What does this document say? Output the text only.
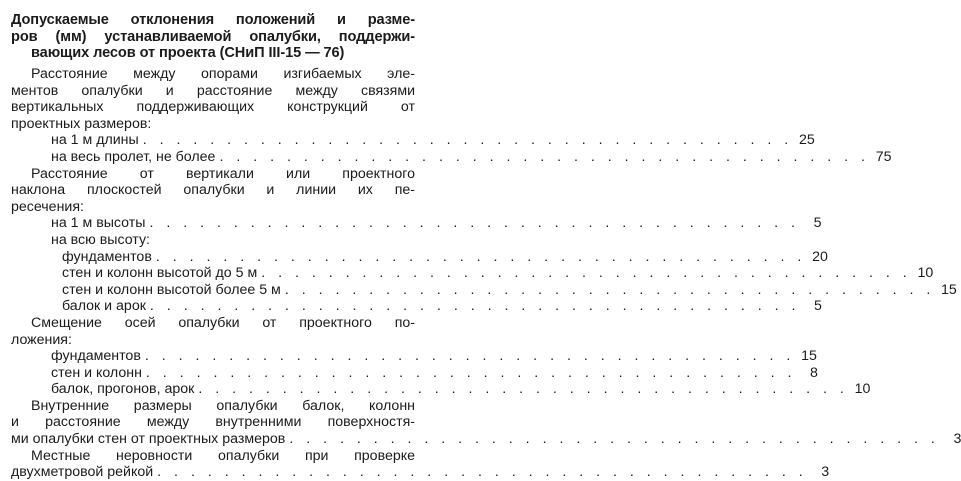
Допускаемые отклонения положений и разме-
ров (мм) устанавливаемой опалубки, поддержи-
вающих лесов от проекта (СНиП III-15 — 76)
Расстояние между опорами изгибаемых эле-
ментов опалубки и расстояние между связями
вертикальных поддерживающих конструкций от
проектных размеров:
на 1 м длины . . . . . . . . . . . . . . . . . . . . . . . . . . . . . . . . . . . . . . . 25
на весь пролет, не более . . . . . . . . . . . . . . . . . . . . . . . . . . . . . . . . . . . . . . . 75
Расстояние от вертикали или проектного
наклона плоскостей опалубки и линии их пе-
ресечения:
на 1 м высоты . . . . . . . . . . . . . . . . . . . . . . . . . . . . . . . . . . . . . . . 5
на всю высоту:
фундаментов . . . . . . . . . . . . . . . . . . . . . . . . . . . . . . . . . . . . . . . 20
стен и колонн высотой до 5 м . . . . . . . . . . . . . . . . . . . . . . . . . . . . . . . . . . . . . . . 10
стен и колонн высотой более 5 м . . . . . . . . . . . . . . . . . . . . . . . . . . . . . . . . . . . . . . . 15
балок и арок . . . . . . . . . . . . . . . . . . . . . . . . . . . . . . . . . . . . . . . 5
Смещение осей опалубки от проектного по-
ложения:
фундаментов . . . . . . . . . . . . . . . . . . . . . . . . . . . . . . . . . . . . . . . 15
стен и колонн . . . . . . . . . . . . . . . . . . . . . . . . . . . . . . . . . . . . . . . 8
балок, прогонов, арок . . . . . . . . . . . . . . . . . . . . . . . . . . . . . . . . . . . . . . . 10
Внутренние размеры опалубки балок, колонн
и расстояние между внутренними поверхностя-
ми опалубки стен от проектных размеров . . . . . . . . . . . . . . . . . . . . . . . . . . . . . . . . . . . . . . . 3
Местные неровности опалубки при проверке
двухметровой рейкой . . . . . . . . . . . . . . . . . . . . . . . . . . . . . . . . . . . . . . . 3
